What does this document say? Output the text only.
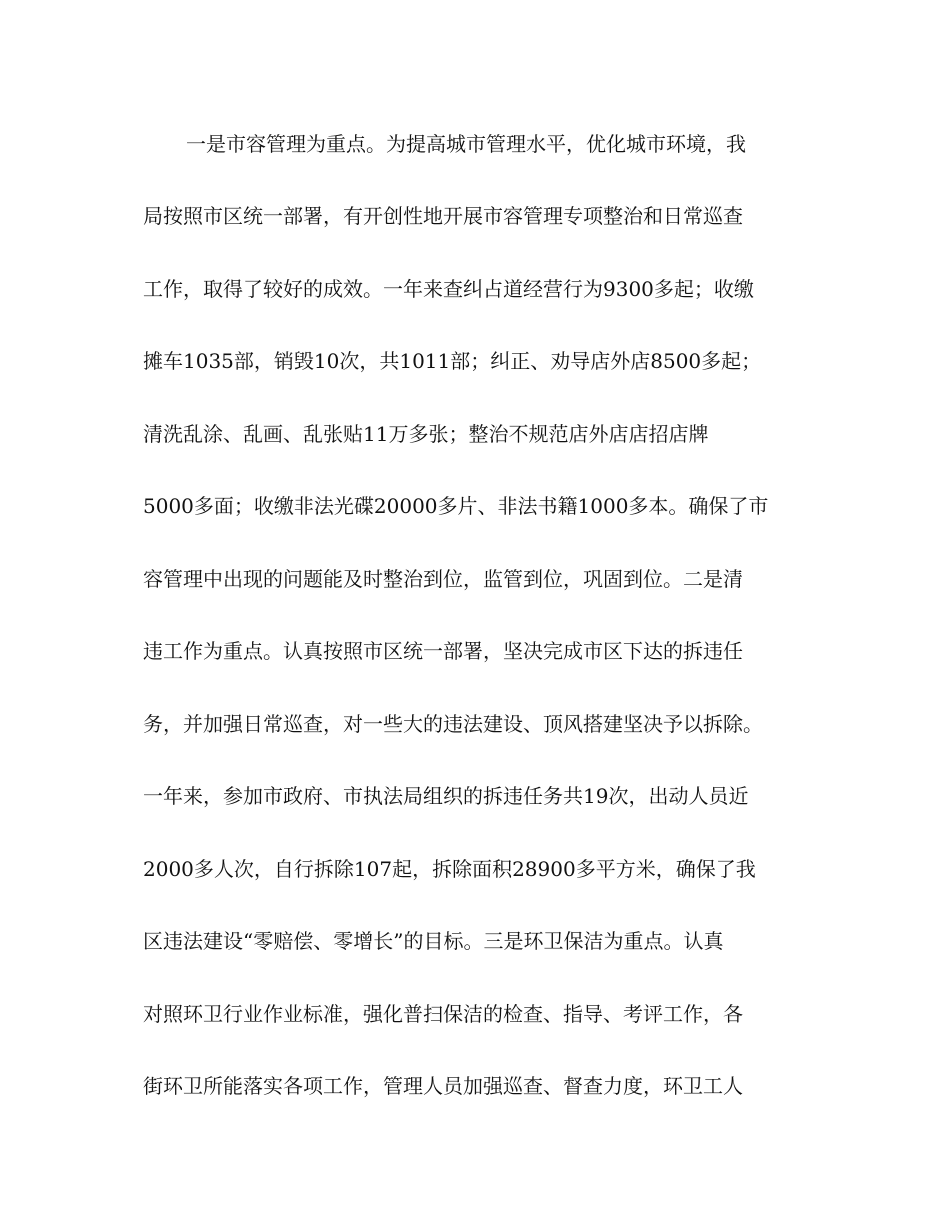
一是市容管理为重点。为提高城市管理水平，优化城市环境，我
局按照市区统一部署，有开创性地开展市容管理专项整治和日常巡查
工作，取得了较好的成效。一年来查纠占道经营行为9300多起；收缴
摊车1035部，销毁10次，共1011部；纠正、劝导店外店8500多起；
清洗乱涂、乱画、乱张贴11万多张；整治不规范店外店店招店牌
5000多面；收缴非法光碟20000多片、非法书籍1000多本。确保了市
容管理中出现的问题能及时整治到位，监管到位，巩固到位。二是清
违工作为重点。认真按照市区统一部署，坚决完成市区下达的拆违任
务，并加强日常巡查，对一些大的违法建设、顶风搭建坚决予以拆除。
一年来，参加市政府、市执法局组织的拆违任务共19次，出动人员近
2000多人次，自行拆除107起，拆除面积28900多平方米，确保了我
区违法建设“零赔偿、零增长”的目标。三是环卫保洁为重点。认真
对照环卫行业作业标准，强化普扫保洁的检查、指导、考评工作，各
街环卫所能落实各项工作，管理人员加强巡查、督查力度，环卫工人
